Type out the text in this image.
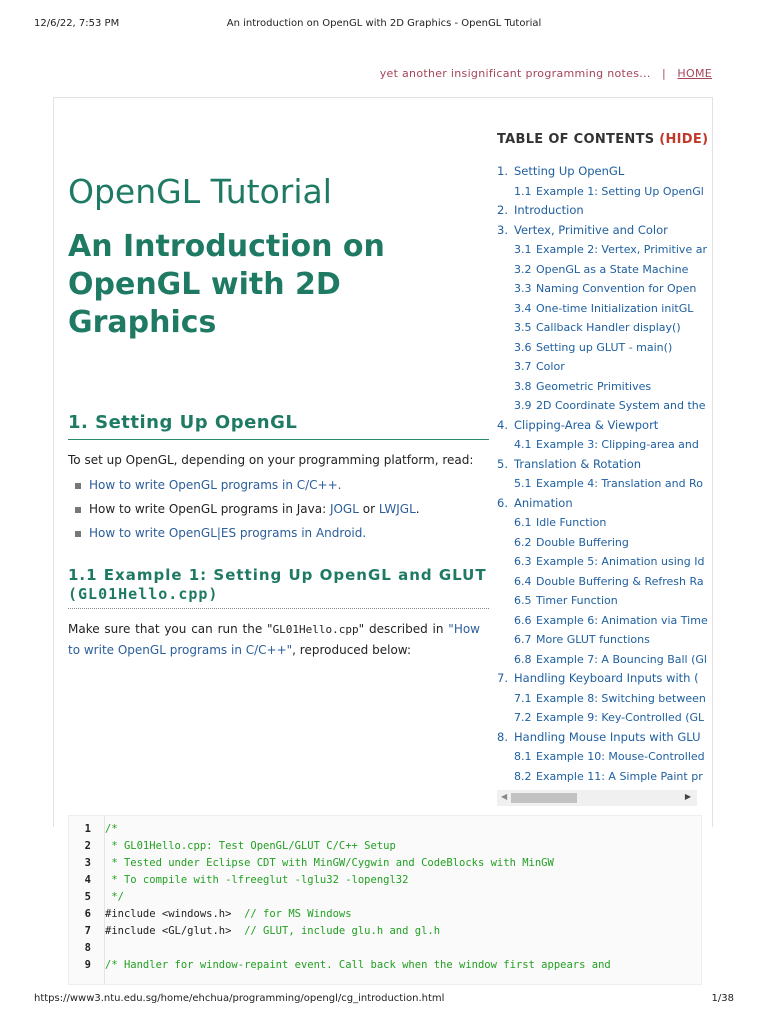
12/6/22, 7:53 PM	An introduction on OpenGL with 2D Graphics - OpenGL Tutorial
yet another insignificant programming notes... | HOME
OpenGL Tutorial
An Introduction on OpenGL with 2D Graphics
1. Setting Up OpenGL
To set up OpenGL, depending on your programming platform, read:
How to write OpenGL programs in C/C++.
How to write OpenGL programs in Java: JOGL or LWJGL.
How to write OpenGL|ES programs in Android.
1.1 Example 1: Setting Up OpenGL and GLUT
(GL01Hello.cpp)
Make sure that you can run the "GL01Hello.cpp" described in "How to write OpenGL programs in C/C++", reproduced below:
TABLE OF CONTENTS (HIDE)
1. Setting Up OpenGL
1.1 Example 1: Setting Up OpenGl
2. Introduction
3. Vertex, Primitive and Color
3.1 Example 2: Vertex, Primitive ar
3.2 OpenGL as a State Machine
3.3 Naming Convention for Open
3.4 One-time Initialization initGL
3.5 Callback Handler display()
3.6 Setting up GLUT - main()
3.7 Color
3.8 Geometric Primitives
3.9 2D Coordinate System and the
4. Clipping-Area & Viewport
4.1 Example 3: Clipping-area and
5. Translation & Rotation
5.1 Example 4: Translation and Ro
6. Animation
6.1 Idle Function
6.2 Double Buffering
6.3 Example 5: Animation using Id
6.4 Double Buffering & Refresh Ra
6.5 Timer Function
6.6 Example 6: Animation via Time
6.7 More GLUT functions
6.8 Example 7: A Bouncing Ball (Gl
7. Handling Keyboard Inputs with (
7.1 Example 8: Switching between
7.2 Example 9: Key-Controlled (GL
8. Handling Mouse Inputs with GLU
8.1 Example 10: Mouse-Controlled
8.2 Example 11: A Simple Paint pr
◀	▶
1 /*
2 * GL01Hello.cpp: Test OpenGL/GLUT C/C++ Setup
3 * Tested under Eclipse CDT with MinGW/Cygwin and CodeBlocks with MinGW
4 * To compile with -lfreeglut -lglu32 -lopengl32
5 */
6 #include <windows.h>  // for MS Windows
7 #include <GL/glut.h>  // GLUT, include glu.h and gl.h
8
9 /* Handler for window-repaint event. Call back when the window first appears and
https://www3.ntu.edu.sg/home/ehchua/programming/opengl/cg_introduction.html	1/38
